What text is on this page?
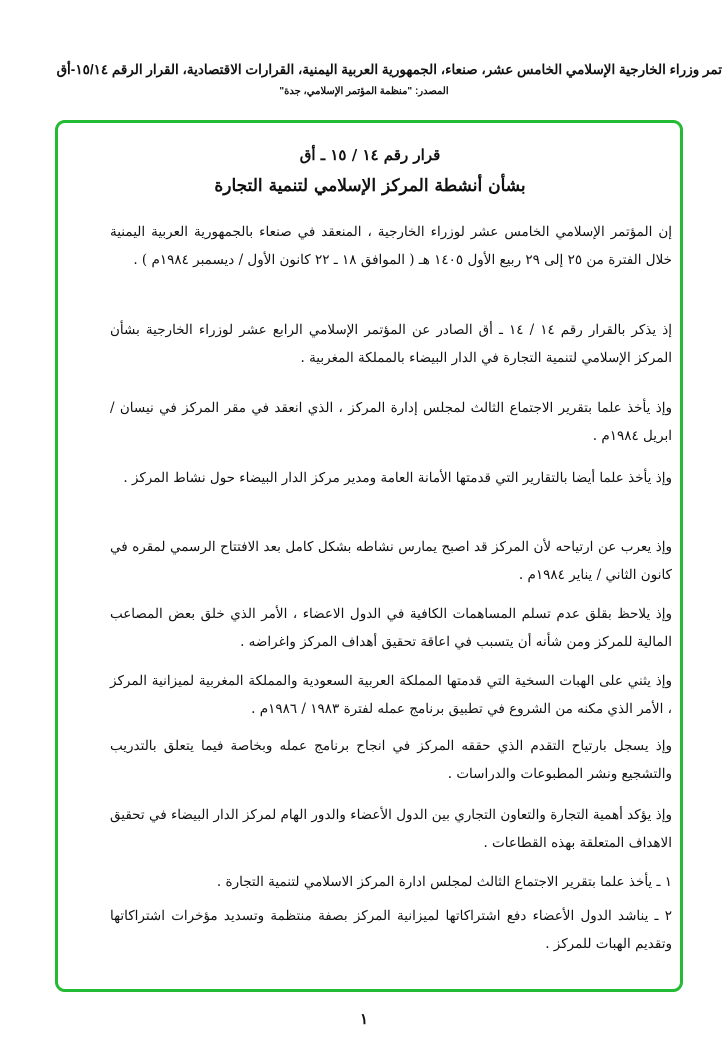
تمر وزراء الخارجية الإسلامي الخامس عشر، صنعاء، الجمهورية العربية اليمنية، القرارات الاقتصادية، القرار الرقم ١٥/١٤-أق
المصدر: "منظمة المؤتمر الإسلامي، جدة"
قرار رقم ١٤ / ١٥ ـ أق
بشأن أنشطة المركز الإسلامي لتنمية التجارة

إن المؤتمر الإسلامي الخامس عشر لوزراء الخارجية ، المنعقد في صنعاء بالجمهورية العربية اليمنية خلال الفترة من ٢٥ إلى ٢٩ ربيع الأول ١٤٠٥ هـ ( الموافق ١٨ ـ ٢٢ كانون الأول / ديسمبر ١٩٨٤م ) .

إذ يذكر بالقرار رقم ١٤ / ١٤ ـ أق الصادر عن المؤتمر الإسلامي الرابع عشر لوزراء الخارجية بشأن المركز الإسلامي لتنمية التجارة في الدار البيضاء بالمملكة المغربية .

وإذ يأخذ علما بتقرير الاجتماع الثالث لمجلس إدارة المركز ، الذي انعقد في مقر المركز في نيسان / ابريل ١٩٨٤م .

وإذ يأخذ علما أيضا بالتقارير التي قدمتها الأمانة العامة ومدير مركز الدار البيضاء حول نشاط المركز .

وإذ يعرب عن ارتياحه لأن المركز قد اصبح يمارس نشاطه بشكل كامل بعد الافتتاح الرسمي لمقره في كانون الثاني / يناير ١٩٨٤م .

وإذ يلاحظ بقلق عدم تسلم المساهمات الكافية في الدول الاعضاء ، الأمر الذي خلق بعض المصاعب المالية للمركز ومن شأنه أن يتسبب في اعاقة تحقيق أهداف المركز واغراضه .

وإذ يثني على الهبات السخية التي قدمتها المملكة العربية السعودية والمملكة المغربية لميزانية المركز ، الأمر الذي مكنه من الشروع في تطبيق برنامج عمله لفترة ١٩٨٣ / ١٩٨٦م .

وإذ يسجل بارتياح التقدم الذي حققه المركز في انجاح برنامج عمله وبخاصة فيما يتعلق بالتدريب والتشجيع ونشر المطبوعات والدراسات .

وإذ يؤكد أهمية التجارة والتعاون التجاري بين الدول الأعضاء والدور الهام لمركز الدار البيضاء في تحقيق الاهداف المتعلقة بهذه القطاعات .

١ ـ يأخذ علما بتقرير الاجتماع الثالث لمجلس ادارة المركز الاسلامي لتنمية التجارة .

٢ ـ يناشد الدول الأعضاء دفع اشتراكاتها لميزانية المركز بصفة منتظمة وتسديد مؤخرات اشتراكاتها وتقديم الهبات للمركز .

١
